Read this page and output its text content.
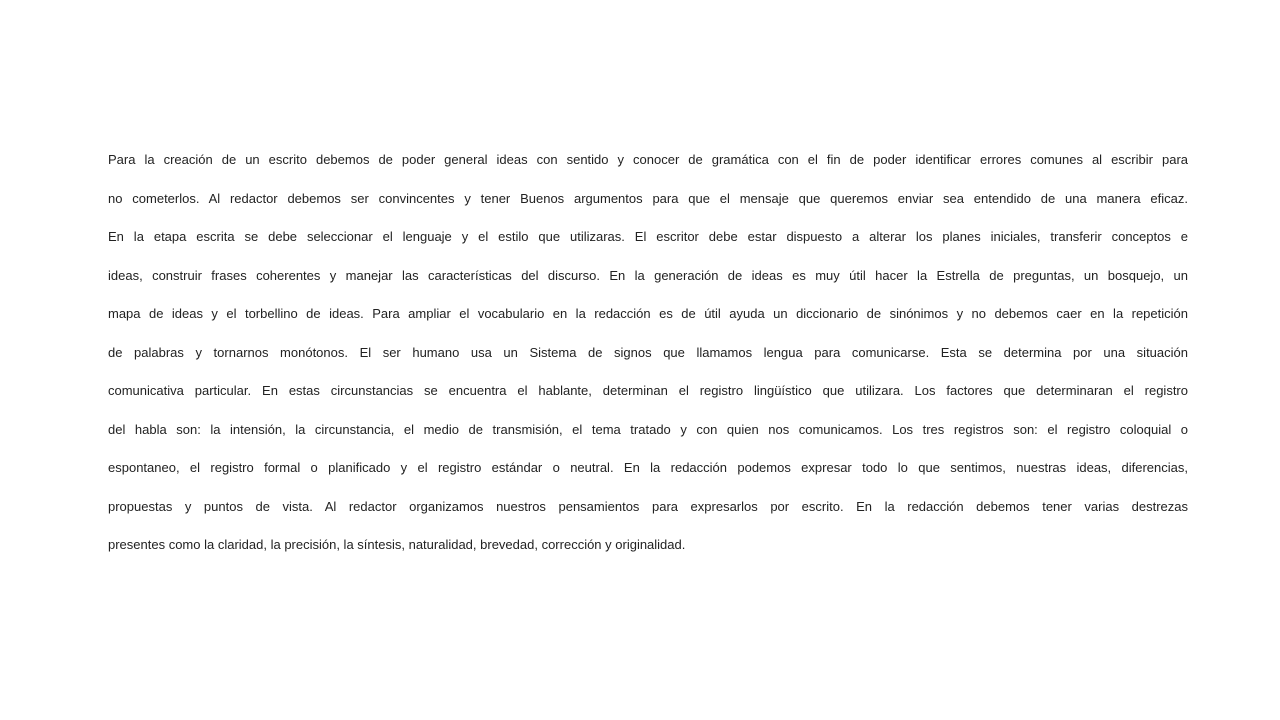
Para la creación de un escrito debemos de poder general ideas con sentido y conocer de gramática con el fin de poder identificar errores comunes al escribir para
no cometerlos. Al redactor debemos ser convincentes y tener Buenos argumentos para que el mensaje que queremos enviar sea entendido de una manera eficaz.
En la etapa escrita se debe seleccionar el lenguaje y el estilo que utilizaras. El escritor debe estar dispuesto a alterar los planes iniciales, transferir conceptos e
ideas, construir frases coherentes y manejar las características del discurso. En la generación de ideas es muy útil hacer la Estrella de preguntas, un bosquejo, un
mapa de ideas y el torbellino de ideas. Para ampliar el vocabulario en la redacción es de útil ayuda un diccionario de sinónimos y no debemos caer en la repetición
de palabras y tornarnos monótonos. El ser humano usa un Sistema de signos que llamamos lengua para comunicarse. Esta se determina por una situación
comunicativa particular. En estas circunstancias se encuentra el hablante, determinan el registro lingüístico que utilizara. Los factores que determinaran el registro
del habla son: la intensión, la circunstancia, el medio de transmisión, el tema tratado y con quien nos comunicamos. Los tres registros son: el registro coloquial o
espontaneo, el registro formal o planificado y el registro estándar o neutral. En la redacción podemos expresar todo lo que sentimos, nuestras ideas, diferencias,
propuestas y puntos de vista. Al redactor organizamos nuestros pensamientos para expresarlos por escrito. En la redacción debemos tener varias destrezas
presentes como la claridad, la precisión, la síntesis, naturalidad, brevedad, corrección y originalidad.
